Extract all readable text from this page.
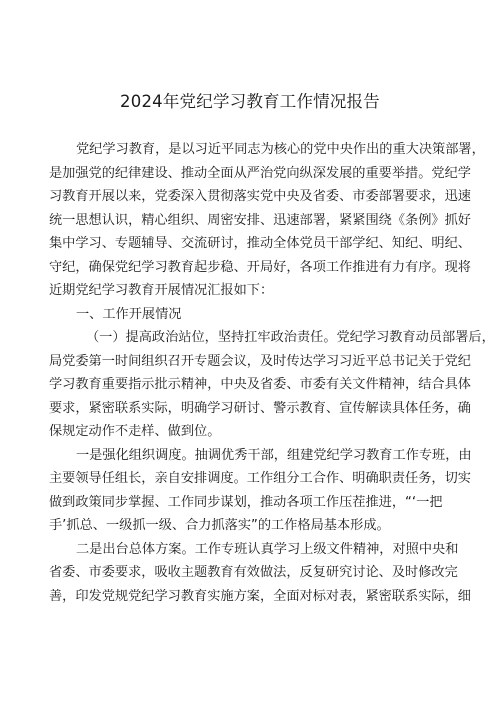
2024年党纪学习教育工作情况报告
党纪学习教育，是以习近平同志为核心的党中央作出的重大决策部署，
是加强党的纪律建设、推动全面从严治党向纵深发展的重要举措。党纪学
习教育开展以来，党委深入贯彻落实党中央及省委、市委部署要求，迅速
统一思想认识，精心组织、周密安排、迅速部署，紧紧围绕《条例》抓好
集中学习、专题辅导、交流研讨，推动全体党员干部学纪、知纪、明纪、
守纪，确保党纪学习教育起步稳、开局好，各项工作推进有力有序。现将
近期党纪学习教育开展情况汇报如下：
一、工作开展情况
（一）提高政治站位，坚持扛牢政治责任。党纪学习教育动员部署后，
局党委第一时间组织召开专题会议，及时传达学习习近平总书记关于党纪
学习教育重要指示批示精神，中央及省委、市委有关文件精神，结合具体
要求，紧密联系实际，明确学习研讨、警示教育、宣传解读具体任务，确
保规定动作不走样、做到位。
一是强化组织调度。抽调优秀干部，组建党纪学习教育工作专班，由
主要领导任组长，亲自安排调度。工作组分工合作、明确职责任务，切实
做到政策同步掌握、工作同步谋划，推动各项工作压茬推进，“‘一把
手’抓总、一级抓一级、合力抓落实”的工作格局基本形成。
二是出台总体方案。工作专班认真学习上级文件精神，对照中央和
省委、市委要求，吸收主题教育有效做法，反复研究讨论、及时修改完
善，印发党规党纪学习教育实施方案，全面对标对表，紧密联系实际，细
